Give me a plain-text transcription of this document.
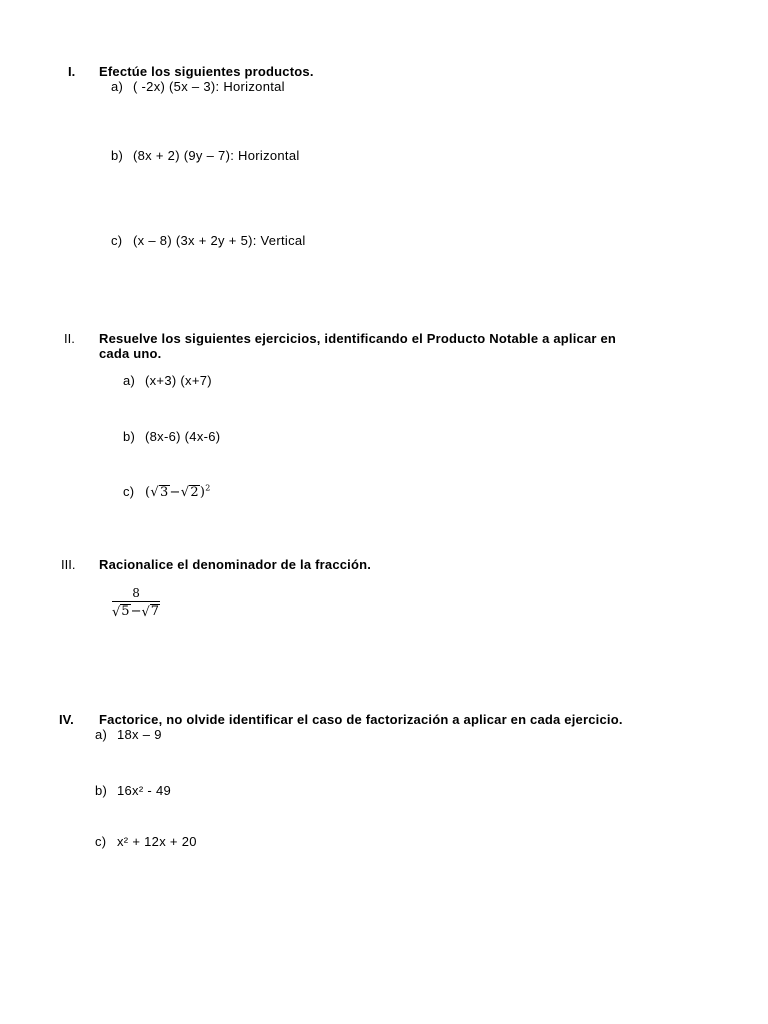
I. Efectúe los siguientes productos.
a) ( -2x) (5x – 3): Horizontal
b) (8x + 2) (9y – 7): Horizontal
c) (x – 8) (3x + 2y + 5): Vertical
II. Resuelve los siguientes ejercicios, identificando el Producto Notable a aplicar en
cada uno.
a) (x+3) (x+7)
b) (8x-6) (4x-6)
c) ( √ 3 − √ 2 )$^2$
III. Racionalice el denominador de la fracción.
$\frac{8}{√ 5 - √ 7}$
IV. Factorice, no olvide identificar el caso de factorización a aplicar en cada ejercicio.
a) 18x – 9
b) 16x² - 49
c) x² + 12x + 20
